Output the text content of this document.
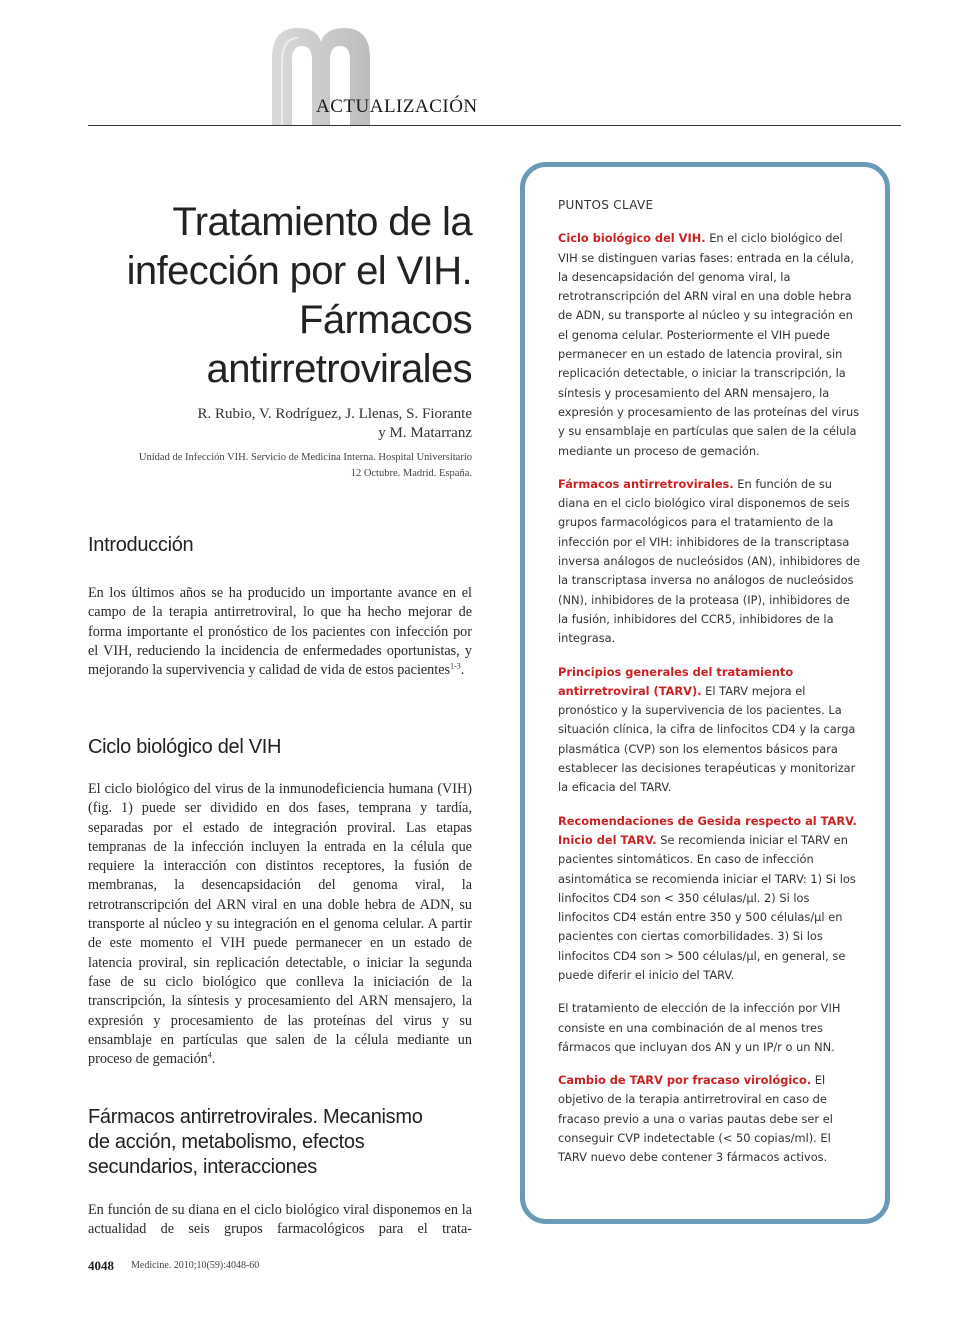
ACTUALIZACIÓN
Tratamiento de la
infección por el VIH.
Fármacos
antirretrovirales
R. Rubio, V. Rodríguez, J. Llenas, S. Fiorante
y M. Matarranz
Unidad de Infección VIH. Servicio de Medicina Interna. Hospital Universitario
12 Octubre. Madrid. España.
Introducción

En los últimos años se ha producido un importante avance en el campo de la terapia antirretroviral, lo que ha hecho mejorar de forma importante el pronóstico de los pacientes con infección por el VIH, reduciendo la incidencia de enfermedades oportunistas, y mejorando la supervivencia y calidad de vida de estos pacientes$^{1-3}$.

Ciclo biológico del VIH

El ciclo biológico del virus de la inmunodeficiencia humana (VIH) (fig. 1) puede ser dividido en dos fases, temprana y tardía, separadas por el estado de integración proviral. Las etapas tempranas de la infección incluyen la entrada en la célula que requiere la interacción con distintos receptores, la fusión de membranas, la desencapsidación del genoma viral, la retrotranscripción del ARN viral en una doble hebra de ADN, su transporte al núcleo y su integración en el genoma celular. A partir de este momento el VIH puede permanecer en un estado de latencia proviral, sin replicación detectable, o iniciar la segunda fase de su ciclo biológico que conlleva la iniciación de la transcripción, la síntesis y procesamiento del ARN mensajero, la expresión y procesamiento de las proteínas del virus y su ensamblaje en partículas que salen de la célula mediante un proceso de gemación$^4$.

Fármacos antirretrovirales. Mecanismo
de acción, metabolismo, efectos
secundarios, interacciones

En función de su diana en el ciclo biológico viral disponemos en la actualidad de seis grupos farmacológicos para el trata-

PUNTOS CLAVE

Ciclo biológico del VIH. En el ciclo biológico del VIH se distinguen varias fases: entrada en la célula, la desencapsidación del genoma viral, la retrotranscripción del ARN viral en una doble hebra de ADN, su transporte al núcleo y su integración en el genoma celular. Posteriormente el VIH puede permanecer en un estado de latencia proviral, sin replicación detectable, o iniciar la transcripción, la síntesis y procesamiento del ARN mensajero, la expresión y procesamiento de las proteínas del virus y su ensamblaje en partículas que salen de la célula mediante un proceso de gemación.

Fármacos antirretrovirales. En función de su diana en el ciclo biológico viral disponemos de seis grupos farmacológicos para el tratamiento de la infección por el VIH: inhibidores de la transcriptasa inversa análogos de nucleósidos (AN), inhibidores de la transcriptasa inversa no análogos de nucleósidos (NN), inhibidores de la proteasa (IP), inhibidores de la fusión, inhibidores del CCR5, inhibidores de la integrasa.

Principios generales del tratamiento antirretroviral (TARV). El TARV mejora el pronóstico y la supervivencia de los pacientes. La situación clínica, la cifra de linfocitos CD4 y la carga plasmática (CVP) son los elementos básicos para establecer las decisiones terapéuticas y monitorizar la eficacia del TARV.

Recomendaciones de Gesida respecto al TARV. Inicio del TARV. Se recomienda iniciar el TARV en pacientes sintomáticos. En caso de infección asintomática se recomienda iniciar el TARV: 1) Si los linfocitos CD4 son < 350 células/µl. 2) Si los linfocitos CD4 están entre 350 y 500 células/µl en pacientes con ciertas comorbilidades. 3) Si los linfocitos CD4 son > 500 células/µl, en general, se puede diferir el inicio del TARV.

El tratamiento de elección de la infección por VIH consiste en una combinación de al menos tres fármacos que incluyan dos AN y un IP/r o un NN.

Cambio de TARV por fracaso virológico. El objetivo de la terapia antirretroviral en caso de fracaso previo a una o varias pautas debe ser el conseguir CVP indetectable (< 50 copias/ml). El TARV nuevo debe contener 3 fármacos activos.

4048 Medicine. 2010;10(59):4048-60
